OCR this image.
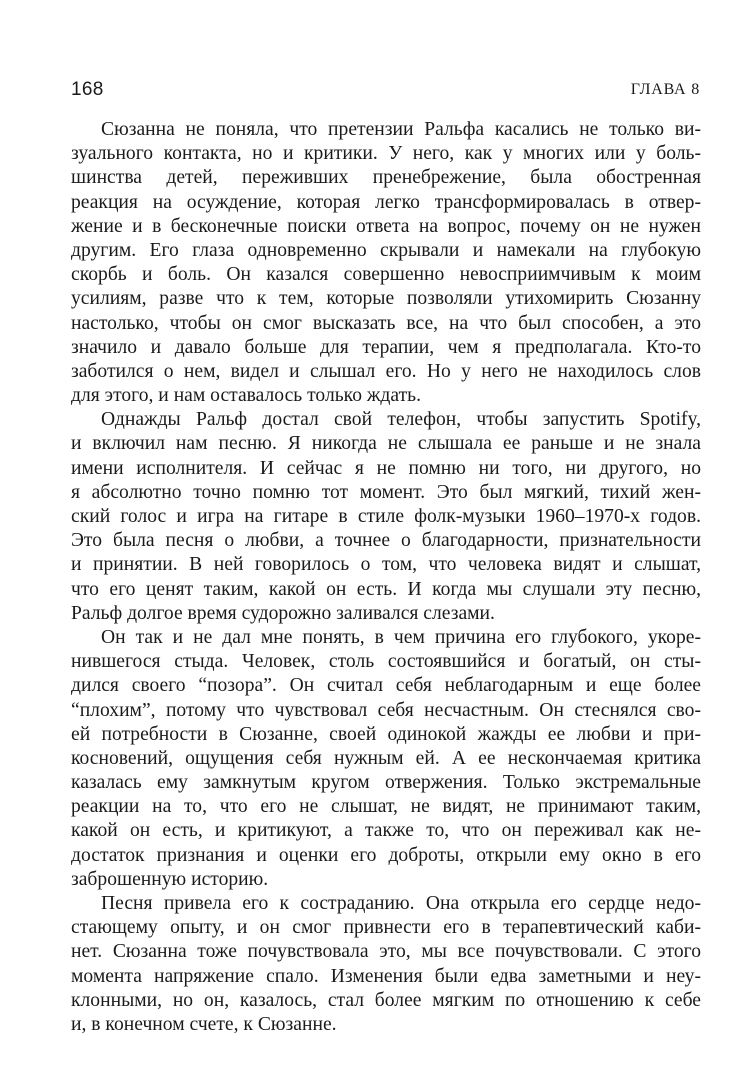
168	ГЛАВА 8
Сюзанна не поняла, что претензии Ральфа касались не только ви-
зуального контакта, но и критики. У него, как у многих или у боль-
шинства детей, переживших пренебрежение, была обостренная
реакция на осуждение, которая легко трансформировалась в отвер-
жение и в бесконечные поиски ответа на вопрос, почему он не нужен
другим. Его глаза одновременно скрывали и намекали на глубокую
скорбь и боль. Он казался совершенно невосприимчивым к моим
усилиям, разве что к тем, которые позволяли утихомирить Сюзанну
настолько, чтобы он смог высказать все, на что был способен, а это
значило и давало больше для терапии, чем я предполагала. Кто-то
заботился о нем, видел и слышал его. Но у него не находилось слов
для этого, и нам оставалось только ждать.
Однажды Ральф достал свой телефон, чтобы запустить Spotify,
и включил нам песню. Я никогда не слышала ее раньше и не знала
имени исполнителя. И сейчас я не помню ни того, ни другого, но
я абсолютно точно помню тот момент. Это был мягкий, тихий жен-
ский голос и игра на гитаре в стиле фолк-музыки 1960–1970-х годов.
Это была песня о любви, а точнее о благодарности, признательности
и принятии. В ней говорилось о том, что человека видят и слышат,
что его ценят таким, какой он есть. И когда мы слушали эту песню,
Ральф долгое время судорожно заливался слезами.
Он так и не дал мне понять, в чем причина его глубокого, укоре-
нившегося стыда. Человек, столь состоявшийся и богатый, он сты-
дился своего “позора”. Он считал себя неблагодарным и еще более
“плохим”, потому что чувствовал себя несчастным. Он стеснялся сво-
ей потребности в Сюзанне, своей одинокой жажды ее любви и при-
косновений, ощущения себя нужным ей. А ее нескончаемая критика
казалась ему замкнутым кругом отвержения. Только экстремальные
реакции на то, что его не слышат, не видят, не принимают таким,
какой он есть, и критикуют, а также то, что он переживал как не-
достаток признания и оценки его доброты, открыли ему окно в его
заброшенную историю.
Песня привела его к состраданию. Она открыла его сердце недо-
стающему опыту, и он смог привнести его в терапевтический каби-
нет. Сюзанна тоже почувствовала это, мы все почувствовали. С этого
момента напряжение спало. Изменения были едва заметными и неу-
клонными, но он, казалось, стал более мягким по отношению к себе
и, в конечном счете, к Сюзанне.
